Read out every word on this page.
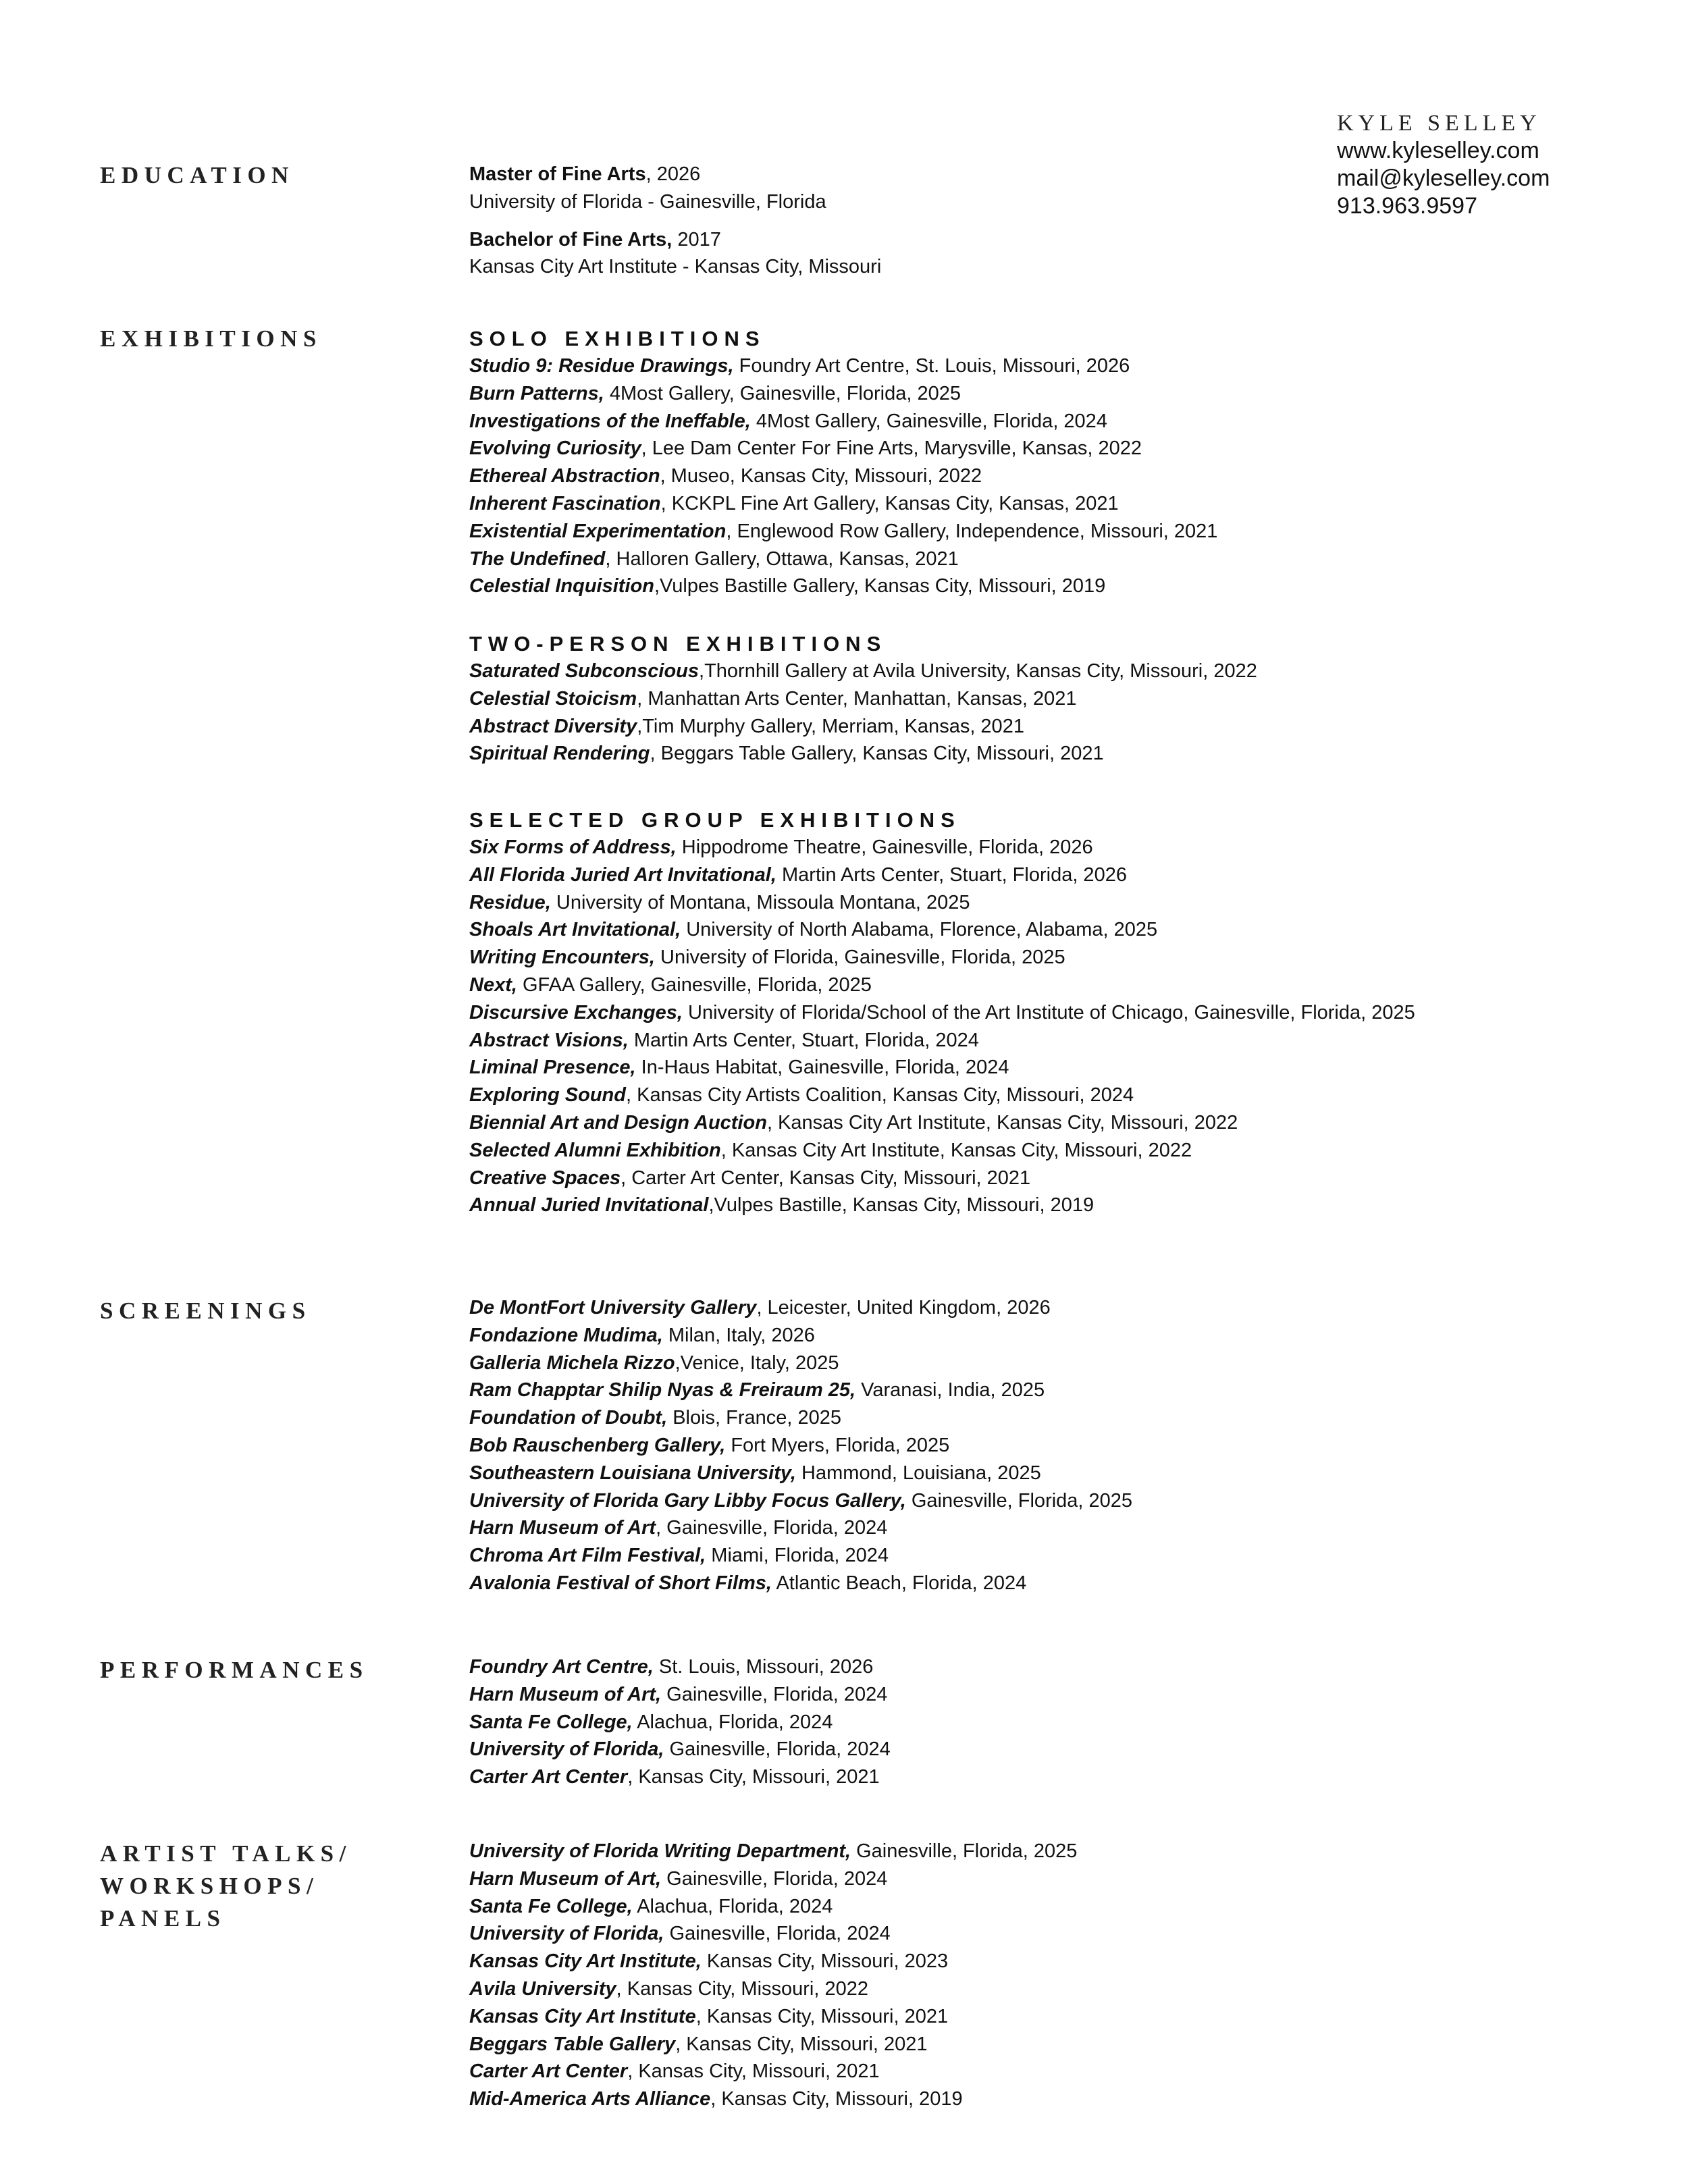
KYLE SELLEY
www.kyleselley.com
mail@kyleselley.com
913.963.9597
EDUCATION	Master of Fine Arts, 2026
University of Florida - Gainesville, Florida
Bachelor of Fine Arts, 2017
Kansas City Art Institute - Kansas City, Missouri
EXHIBITIONS	SOLO EXHIBITIONS
Studio 9: Residue Drawings, Foundry Art Centre, St. Louis, Missouri, 2026
Burn Patterns, 4Most Gallery, Gainesville, Florida, 2025
Investigations of the Ineffable, 4Most Gallery, Gainesville, Florida, 2024
Evolving Curiosity, Lee Dam Center For Fine Arts, Marysville, Kansas, 2022
Ethereal Abstraction, Museo, Kansas City, Missouri, 2022
Inherent Fascination, KCKPL Fine Art Gallery, Kansas City, Kansas, 2021
Existential Experimentation, Englewood Row Gallery, Independence, Missouri, 2021
The Undefined, Halloren Gallery, Ottawa, Kansas, 2021
Celestial Inquisition,Vulpes Bastille Gallery, Kansas City, Missouri, 2019
TWO-PERSON EXHIBITIONS
Saturated Subconscious,Thornhill Gallery at Avila University, Kansas City, Missouri, 2022
Celestial Stoicism, Manhattan Arts Center, Manhattan, Kansas, 2021
Abstract Diversity,Tim Murphy Gallery, Merriam, Kansas, 2021
Spiritual Rendering, Beggars Table Gallery, Kansas City, Missouri, 2021
SELECTED GROUP EXHIBITIONS
Six Forms of Address, Hippodrome Theatre, Gainesville, Florida, 2026
All Florida Juried Art Invitational, Martin Arts Center, Stuart, Florida, 2026
Residue, University of Montana, Missoula Montana, 2025
Shoals Art Invitational, University of North Alabama, Florence, Alabama, 2025
Writing Encounters, University of Florida, Gainesville, Florida, 2025
Next, GFAA Gallery, Gainesville, Florida, 2025
Discursive Exchanges, University of Florida/School of the Art Institute of Chicago, Gainesville, Florida, 2025
Abstract Visions, Martin Arts Center, Stuart, Florida, 2024
Liminal Presence, In-Haus Habitat, Gainesville, Florida, 2024
Exploring Sound, Kansas City Artists Coalition, Kansas City, Missouri, 2024
Biennial Art and Design Auction, Kansas City Art Institute, Kansas City, Missouri, 2022
Selected Alumni Exhibition, Kansas City Art Institute, Kansas City, Missouri, 2022
Creative Spaces, Carter Art Center, Kansas City, Missouri, 2021
Annual Juried Invitational,Vulpes Bastille, Kansas City, Missouri, 2019
SCREENINGS	De MontFort University Gallery, Leicester, United Kingdom, 2026
Fondazione Mudima, Milan, Italy, 2026
Galleria Michela Rizzo,Venice, Italy, 2025
Ram Chapptar Shilip Nyas & Freiraum 25, Varanasi, India, 2025
Foundation of Doubt, Blois, France, 2025
Bob Rauschenberg Gallery, Fort Myers, Florida, 2025
Southeastern Louisiana University, Hammond, Louisiana, 2025
University of Florida Gary Libby Focus Gallery, Gainesville, Florida, 2025
Harn Museum of Art, Gainesville, Florida, 2024
Chroma Art Film Festival, Miami, Florida, 2024
Avalonia Festival of Short Films, Atlantic Beach, Florida, 2024
PERFORMANCES	Foundry Art Centre, St. Louis, Missouri, 2026
Harn Museum of Art, Gainesville, Florida, 2024
Santa Fe College, Alachua, Florida, 2024
University of Florida, Gainesville, Florida, 2024
Carter Art Center, Kansas City, Missouri, 2021
ARTIST TALKS/
WORKSHOPS/
PANELS
University of Florida Writing Department, Gainesville, Florida, 2025
Harn Museum of Art, Gainesville, Florida, 2024
Santa Fe College, Alachua, Florida, 2024
University of Florida, Gainesville, Florida, 2024
Kansas City Art Institute, Kansas City, Missouri, 2023
Avila University, Kansas City, Missouri, 2022
Kansas City Art Institute, Kansas City, Missouri, 2021
Beggars Table Gallery, Kansas City, Missouri, 2021
Carter Art Center, Kansas City, Missouri, 2021
Mid-America Arts Alliance, Kansas City, Missouri, 2019
